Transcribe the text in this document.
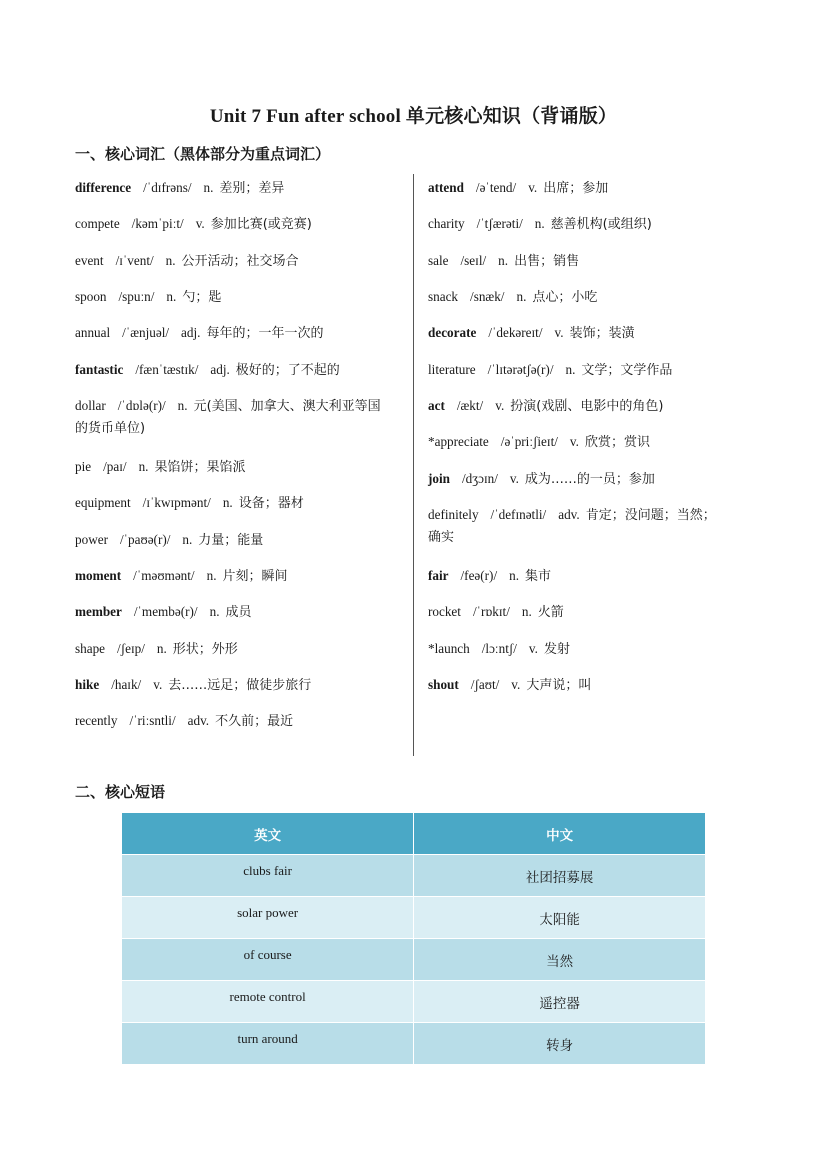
Unit 7 Fun after school 单元核心知识（背诵版）
一、核心词汇（黑体部分为重点词汇）
difference /ˈdɪfrəns/ n. 差别；差异
compete /kəmˈpiːt/ v. 参加比赛(或竞赛)
event /ɪˈvent/ n. 公开活动；社交场合
spoon /spuːn/ n. 勺；匙
annual /ˈænjuəl/ adj. 每年的；一年一次的
fantastic /fænˈtæstɪk/ adj. 极好的；了不起的
dollar /ˈdɒlə(r)/ n. 元(美国、加拿大、澳大利亚等国
的货币单位)
pie /paɪ/ n. 果馅饼；果馅派
equipment /ɪˈkwɪpmənt/ n. 设备；器材
power /ˈpaʊə(r)/ n. 力量；能量
moment /ˈməʊmənt/ n. 片刻；瞬间
member /ˈmembə(r)/ n. 成员
shape /ʃeɪp/ n. 形状；外形
hike /haɪk/ v. 去……远足；做徒步旅行
recently /ˈriːsntli/ adv. 不久前；最近
attend /əˈtend/ v. 出席；参加
charity /ˈtʃærəti/ n. 慈善机构(或组织)
sale /seɪl/ n. 出售；销售
snack /snæk/ n. 点心；小吃
decorate /ˈdekəreɪt/ v. 装饰；装潢
literature /ˈlɪtərətʃə(r)/ n. 文学；文学作品
act /ækt/ v. 扮演(戏剧、电影中的角色)
*appreciate /əˈpriːʃieɪt/ v. 欣赏；赏识
join /dʒɔɪn/ v. 成为……的一员；参加
definitely /ˈdefɪnətli/ adv. 肯定；没问题；当然；
确实
fair /feə(r)/ n. 集市
rocket /ˈrɒkɪt/ n. 火箭
*launch /lɔːntʃ/ v. 发射
shout /ʃaʊt/ v. 大声说；叫
二、核心短语
英文	中文
clubs fair	社团招募展
solar power	太阳能
of course	当然
remote control	遥控器
turn around	转身
